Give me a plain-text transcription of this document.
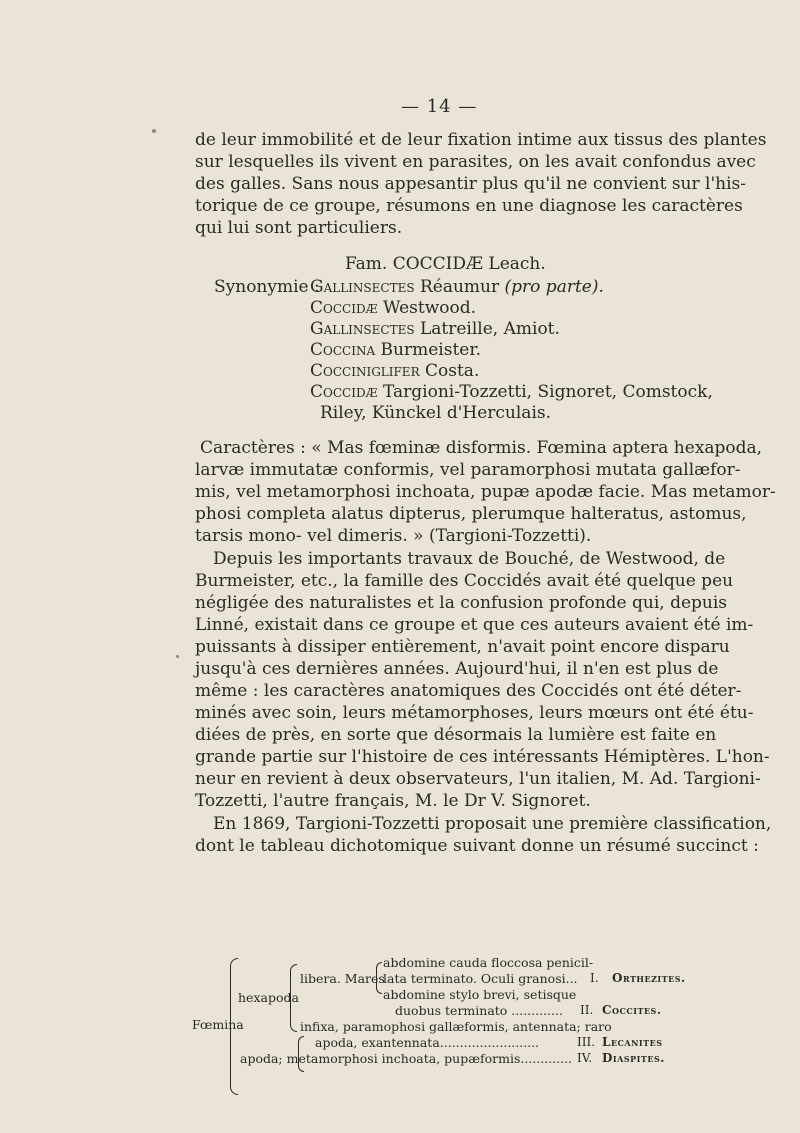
— 14 —
de leur immobilité et de leur fixation intime aux tissus des plantes
sur lesquelles ils vivent en parasites, on les avait confondus avec
des galles. Sans nous appesantir plus qu'il ne convient sur l'his-
torique de ce groupe, résumons en une diagnose les caractères
qui lui sont particuliers.
Fam. COCCIDÆ Leach.
Synonymie :
Gallinsectes Réaumur (pro parte).
Coccidæ Westwood.
Gallinsectes Latreille, Amiot.
Coccina Burmeister.
Cocciniglifer Costa.
Coccidæ Targioni-Tozzetti, Signoret, Comstock,
Riley, Künckel d'Herculais.
Caractères : « Mas fœminæ disformis. Fœmina aptera hexapoda,
larvæ immutatæ conformis, vel paramorphosi mutata gallæfor-
mis, vel metamorphosi inchoata, pupæ apodæ facie. Mas metamor-
phosi completa alatus dipterus, plerumque halteratus, astomus,
tarsis mono- vel dimeris. » (Targioni-Tozzetti).
Depuis les importants travaux de Bouché, de Westwood, de
Burmeister, etc., la famille des Coccidés avait été quelque peu
négligée des naturalistes et la confusion profonde qui, depuis
Linné, existait dans ce groupe et que ces auteurs avaient été im-
puissants à dissiper entièrement, n'avait point encore disparu
jusqu'à ces dernières années. Aujourd'hui, il n'en est plus de
même : les caractères anatomiques des Coccidés ont été déter-
minés avec soin, leurs métamorphoses, leurs mœurs ont été étu-
diées de près, en sorte que désormais la lumière est faite en
grande partie sur l'histoire de ces intéressants Hémiptères. L'hon-
neur en revient à deux observateurs, l'un italien, M. Ad. Targioni-
Tozzetti, l'autre français, M. le Dr V. Signoret.
En 1869, Targioni-Tozzetti proposait une première classification,
dont le tableau dichotomique suivant donne un résumé succinct :
Fœmina
hexapoda
libera. Mares
abdomine cauda floccosa penicil-
lata terminato. Oculi granosi...
abdomine stylo brevi, setisque
duobus terminato .............
infixa, paramophosi gallæformis, antennata; raro
apoda, exantennata.........................
apoda; metamorphosi inchoata, pupæformis.............
I. Orthezites.
II. Coccites.
III. Lecanites
IV. Diaspites.
